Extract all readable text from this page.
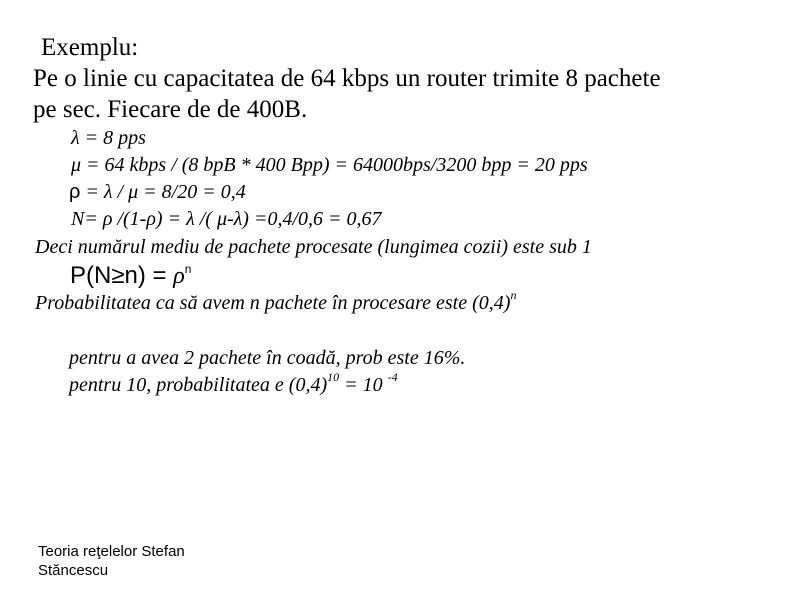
Exemplu:
Pe o linie cu capacitatea de 64 kbps un router trimite 8 pachete
pe sec. Fiecare de de 400B.
λ = 8 pps
μ = 64 kbps / (8 bpB * 400 Bpp) = 64000bps/3200 bpp = 20 pps
ρ = λ / μ = 8/20 = 0,4
N= ρ /(1-ρ) = λ /( μ-λ) =0,4/0,6 = 0,67
Deci numărul mediu de pachete procesate (lungimea cozii) este sub 1
$P(N\ge n) = \rho^n$
Probabilitatea ca să avem n pachete în procesare este $(0,4)^n$
pentru a avea 2 pachete în coadă, prob este 16%.
pentru 10, probabilitatea e $(0,4)^{10} = 10$ $^{-4}$
Teoria reţelelor Stefan Stăncescu
